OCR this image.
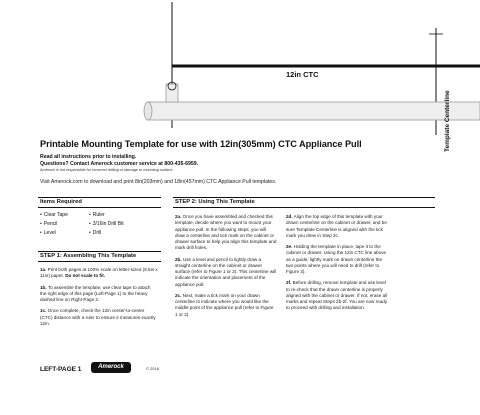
12in CTC
Template Centerline
Printable Mounting Template for use with 12in(305mm) CTC Appliance Pull
Read all instructions prior to installing.
Questions? Contact Amerock customer service at 800-435-6959.
Amerock is not responsible for incorrect drilling or damage to mounting surface.
Visit Amerock.com to download and print 8in(203mm) and 18in(457mm) CTC Appliance Pull templates.
Items Required
• Clear Tape
• Pencil
• Level
• Ruler
• 3/16in Drill Bit
• Drill
STEP 1: Assembling This Template

1a. Print both pages at 100% scale on letter-sized (8.5in x 11in) paper. Do not scale to fit.

1b. To assemble the template, use clear tape to attach the right edge of this page (Left-Page 1) to the heavy dashed line on Right-Page 2.

1c. Once complete, check the 12in center-to-center (CTC) distance with a ruler to ensure it measures exactly 12in.

STEP 2: Using This Template

2a. Once you have assembled and checked this template, decide where you want to mount your appliance pull. In the following steps, you will draw a centerline and tick mark on the cabinet or drawer surface to help you align this template and mark drill holes.

2b. Use a level and pencil to lightly draw a straight centerline on the cabinet or drawer surface (refer to Figure 1 or 2). This centerline will indicate the orientation and placement of the appliance pull.

2c. Next, make a tick mark on your drawn centerline to indicate where you would like the middle point of the appliance pull (refer to Figure 1 or 2).

2d. Align the top edge of this template with your drawn centerline on the cabinet or drawer, and be sure Template Centerline is aligned with the tick mark you drew in Step 2c.

2e. Holding the template in place, tape it to the cabinet or drawer. Using the 12in CTC line above as a guide, lightly mark on drawn centerline the two points where you will need to drill (refer to Figure 3).

2f. Before drilling, remove template and use level to re-check that the drawn centerline is properly aligned with the cabinet or drawer. If not, erase all marks and repeat Steps 2b-2f. You are now ready to proceed with drilling and installation.

LEFT-PAGE 1	Amerock	© 2018
